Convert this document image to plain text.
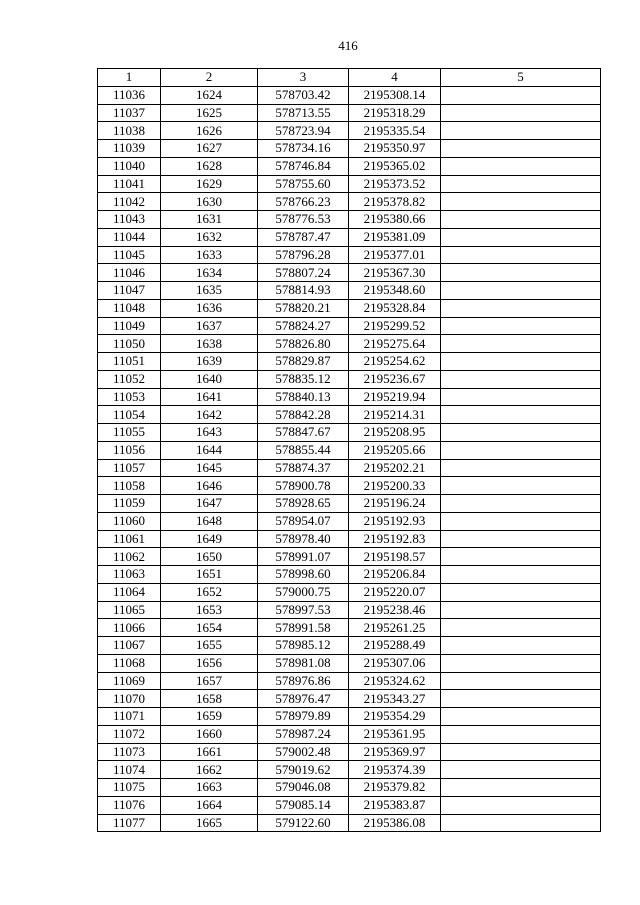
416
1	2	3	4	5
11036	1624	578703.42	2195308.14	
11037	1625	578713.55	2195318.29	
11038	1626	578723.94	2195335.54	
11039	1627	578734.16	2195350.97	
11040	1628	578746.84	2195365.02	
11041	1629	578755.60	2195373.52	
11042	1630	578766.23	2195378.82	
11043	1631	578776.53	2195380.66	
11044	1632	578787.47	2195381.09	
11045	1633	578796.28	2195377.01	
11046	1634	578807.24	2195367.30	
11047	1635	578814.93	2195348.60	
11048	1636	578820.21	2195328.84	
11049	1637	578824.27	2195299.52	
11050	1638	578826.80	2195275.64	
11051	1639	578829.87	2195254.62	
11052	1640	578835.12	2195236.67	
11053	1641	578840.13	2195219.94	
11054	1642	578842.28	2195214.31	
11055	1643	578847.67	2195208.95	
11056	1644	578855.44	2195205.66	
11057	1645	578874.37	2195202.21	
11058	1646	578900.78	2195200.33	
11059	1647	578928.65	2195196.24	
11060	1648	578954.07	2195192.93	
11061	1649	578978.40	2195192.83	
11062	1650	578991.07	2195198.57	
11063	1651	578998.60	2195206.84	
11064	1652	579000.75	2195220.07	
11065	1653	578997.53	2195238.46	
11066	1654	578991.58	2195261.25	
11067	1655	578985.12	2195288.49	
11068	1656	578981.08	2195307.06	
11069	1657	578976.86	2195324.62	
11070	1658	578976.47	2195343.27	
11071	1659	578979.89	2195354.29	
11072	1660	578987.24	2195361.95	
11073	1661	579002.48	2195369.97	
11074	1662	579019.62	2195374.39	
11075	1663	579046.08	2195379.82	
11076	1664	579085.14	2195383.87	
11077	1665	579122.60	2195386.08	
